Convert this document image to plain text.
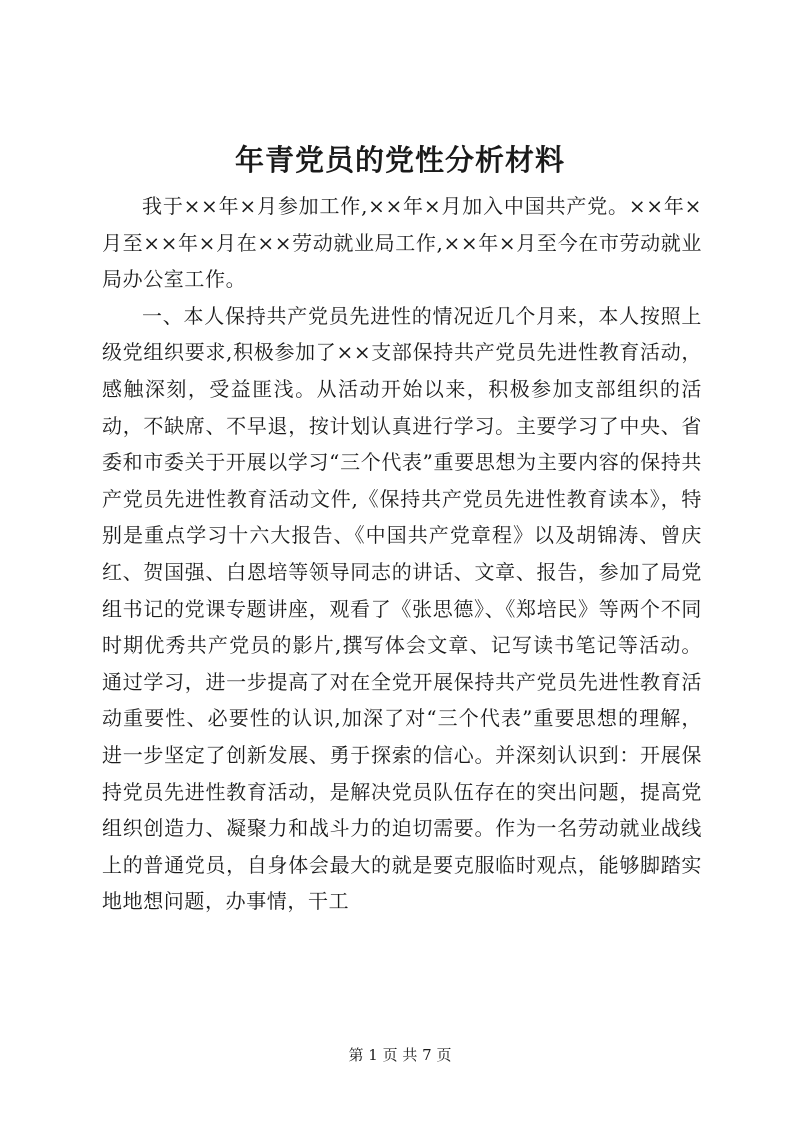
年青党员的党性分析材料

我于××年×月参加工作,××年×月加入中国共产党。××年×月至××年×月在××劳动就业局工作,××年×月至今在市劳动就业局办公室工作。

一、本人保持共产党员先进性的情况近几个月来，本人按照上级党组织要求,积极参加了××支部保持共产党员先进性教育活动，感触深刻，受益匪浅。从活动开始以来，积极参加支部组织的活动，不缺席、不早退，按计划认真进行学习。主要学习了中央、省委和市委关于开展以学习“三个代表”重要思想为主要内容的保持共产党员先进性教育活动文件,《保持共产党员先进性教育读本》，特别是重点学习十六大报告、《中国共产党章程》以及胡锦涛、曾庆红、贺国强、白恩培等领导同志的讲话、文章、报告，参加了局党组书记的党课专题讲座，观看了《张思德》、《郑培民》等两个不同时期优秀共产党员的影片,撰写体会文章、记写读书笔记等活动。通过学习，进一步提高了对在全党开展保持共产党员先进性教育活动重要性、必要性的认识,加深了对“三个代表”重要思想的理解，进一步坚定了创新发展、勇于探索的信心。并深刻认识到：开展保持党员先进性教育活动，是解决党员队伍存在的突出问题，提高党组织创造力、凝聚力和战斗力的迫切需要。作为一名劳动就业战线上的普通党员，自身体会最大的就是要克服临时观点，能够脚踏实地地想问题，办事情，干工

第 1 页 共 7 页
